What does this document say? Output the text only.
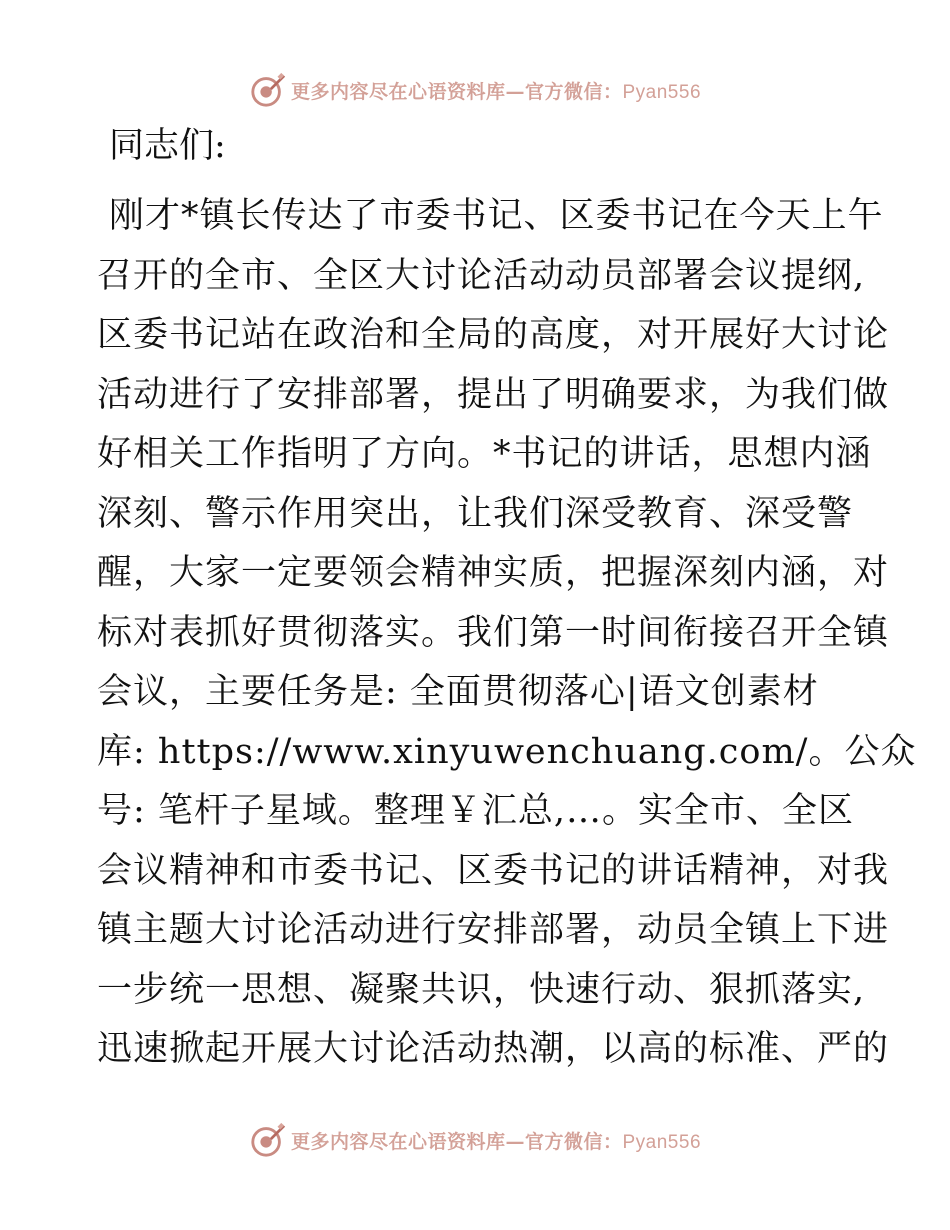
更多内容尽在心语资料库—官方微信：Pyan556
同志们:
刚才*镇长传达了市委书记、区委书记在今天上午
召开的全市、全区大讨论活动动员部署会议提纲,
区委书记站在政治和全局的高度，对开展好大讨论
活动进行了安排部署，提出了明确要求，为我们做
好相关工作指明了方向。*书记的讲话，思想内涵
深刻、警示作用突出，让我们深受教育、深受警
醒，大家一定要领会精神实质，把握深刻内涵，对
标对表抓好贯彻落实。我们第一时间衔接召开全镇
会议，主要任务是: 全面贯彻落心|语文创素材
库: https://www.xinyuwenchuang.com/。公众
号: 笔杆子星域。整理￥汇总,…。实全市、全区
会议精神和市委书记、区委书记的讲话精神，对我
镇主题大讨论活动进行安排部署，动员全镇上下进
一步统一思想、凝聚共识，快速行动、狠抓落实,
迅速掀起开展大讨论活动热潮，以高的标准、严的
更多内容尽在心语资料库—官方微信：Pyan556
